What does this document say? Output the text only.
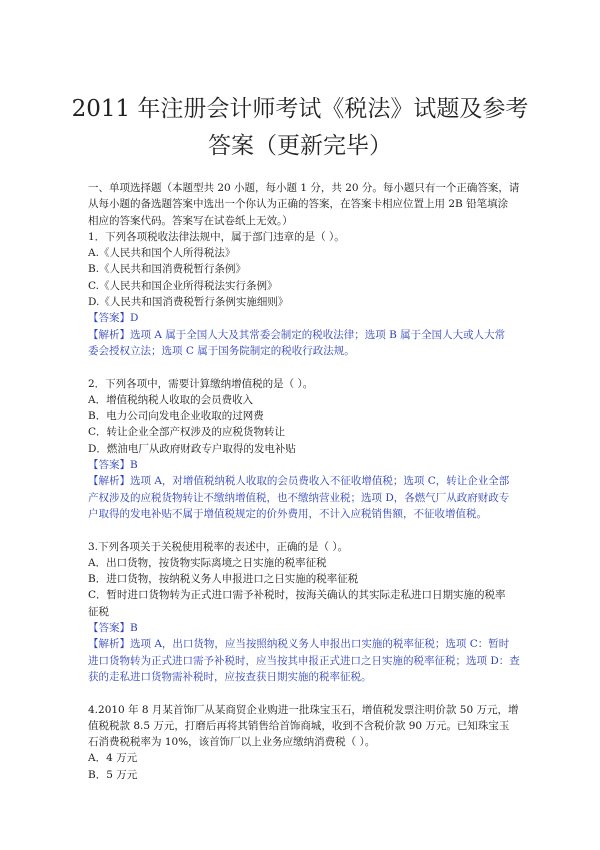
2011 年注册会计师考试《税法》试题及参考
答案（更新完毕）
一、单项选择题（本题型共 20 小题，每小题 1 分，共 20 分。每小题只有一个正确答案，请
从每小题的备选题答案中选出一个你认为正确的答案，在答案卡相应位置上用 2B 铅笔填涂
相应的答案代码。答案写在试卷纸上无效。）
1．下列各项税收法律法规中，属于部门违章的是（ ）。
A.《人民共和国个人所得税法》
B.《人民共和国消费税暂行条例》
C.《人民共和国企业所得税法实行条例》
D.《人民共和国消费税暂行条例实施细则》
【答案】D
【解析】选项 A 属于全国人大及其常委会制定的税收法律；选项 B 属于全国人大或人大常
委会授权立法；选项 C 属于国务院制定的税收行政法规。
2．下列各项中，需要计算缴纳增值税的是（ ）。
A．增值税纳税人收取的会员费收入
B．电力公司向发电企业收取的过网费
C．转让企业全部产权涉及的应税货物转让
D．燃油电厂从政府财政专户取得的发电补贴
【答案】B
【解析】选项 A，对增值税纳税人收取的会员费收入不征收增值税；选项 C，转让企业全部
产权涉及的应税货物转让不缴纳增值税，也不缴纳营业税；选项 D，各燃气厂从政府财政专
户取得的发电补贴不属于增值税规定的价外费用，不计入应税销售额，不征收增值税。
3.下列各项关于关税使用税率的表述中，正确的是（ ）。
A．出口货物，按货物实际离境之日实施的税率征税
B．进口货物，按纳税义务人申报进口之日实施的税率征税
C．暂时进口货物转为正式进口需予补税时，按海关确认的其实际走私进口日期实施的税率
征税
【答案】B
【解析】选项 A，出口货物，应当按照纳税义务人申报出口实施的税率征税；选项 C：暂时
进口货物转为正式进口需予补税时，应当按其申报正式进口之日实施的税率征税；选项 D：查
获的走私进口货物需补税时，应按查获日期实施的税率征税。
4.2010 年 8 月某首饰厂从某商贸企业购进一批珠宝玉石，增值税发票注明价款 50 万元，增
值税税款 8.5 万元，打磨后再将其销售给首饰商城，收到不含税价款 90 万元。已知珠宝玉
石消费税税率为 10%，该首饰厂以上业务应缴纳消费税（ ）。
A．4 万元
B．5 万元
